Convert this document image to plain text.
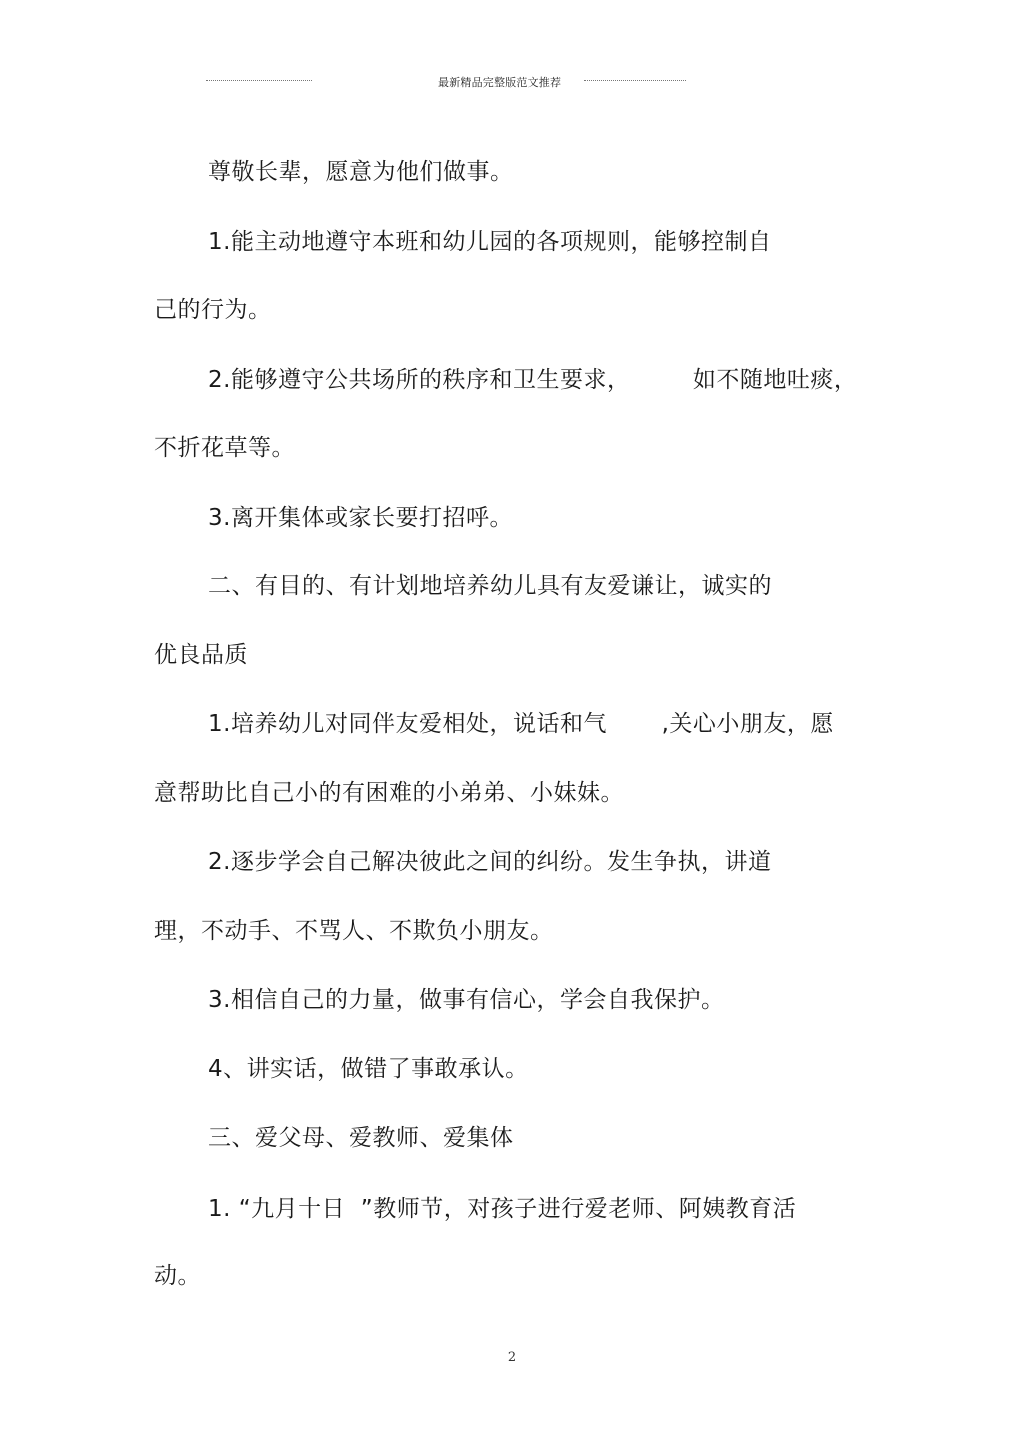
最新精品完整版范文推荐
尊敬长辈，愿意为他们做事。
1.能主动地遵守本班和幼儿园的各项规则，能够控制自
己的行为。
2.能够遵守公共场所的秩序和卫生要求，        如不随地吐痰，
不折花草等。
3.离开集体或家长要打招呼。
二、有目的、有计划地培养幼儿具有友爱谦让，诚实的
优良品质
1.培养幼儿对同伴友爱相处，说话和气       ,关心小朋友，愿
意帮助比自己小的有困难的小弟弟、小妹妹。
2.逐步学会自己解决彼此之间的纠纷。发生争执，讲道
理，不动手、不骂人、不欺负小朋友。
3.相信自己的力量，做事有信心，学会自我保护。
4、讲实话，做错了事敢承认。
三、爱父母、爱教师、爱集体
1. “九月十日  ”教师节，对孩子进行爱老师、阿姨教育活
动。
2
